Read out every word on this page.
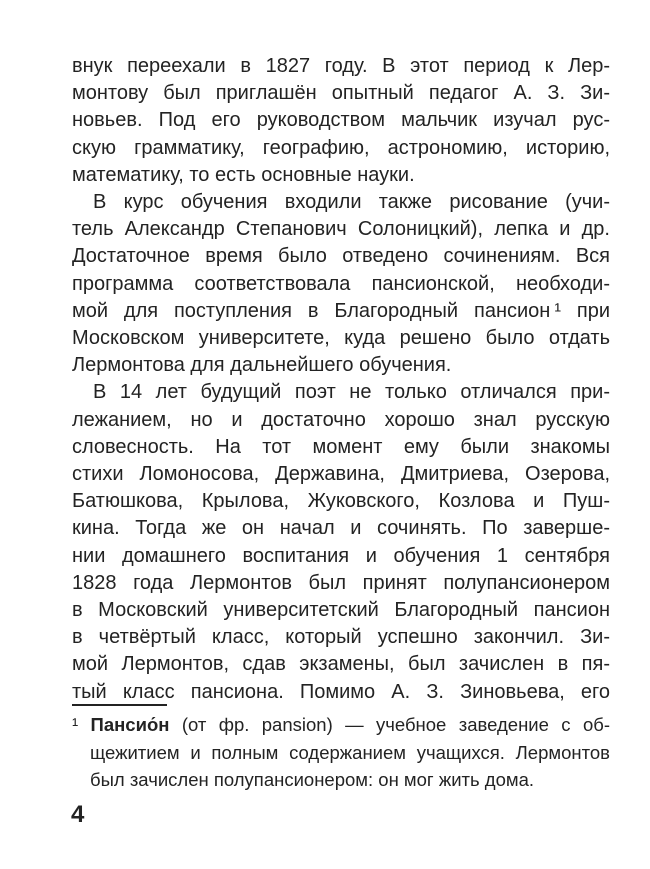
внук переехали в 1827 году. В этот период к Лер-
монтову был приглашён опытный педагог А. З. Зи-
новьев. Под его руководством мальчик изучал рус-
скую грамматику, географию, астрономию, историю,
математику, то есть основные науки.
В курс обучения входили также рисование (учи-
тель Александр Степанович Солоницкий), лепка и др.
Достаточное время было отведено сочинениям. Вся
программа соответствовала пансионской, необходи-
мой для поступления в Благородный пансион ¹ при
Московском университете, куда решено было отдать
Лермонтова для дальнейшего обучения.
В 14 лет будущий поэт не только отличался при-
лежанием, но и достаточно хорошо знал русскую
словесность. На тот момент ему были знакомы
стихи Ломоносова, Державина, Дмитриева, Озерова,
Батюшкова, Крылова, Жуковского, Козлова и Пуш-
кина. Тогда же он начал и сочинять. По заверше-
нии домашнего воспитания и обучения 1 сентября
1828 года Лермонтов был принят полупансионером
в Московский университетский Благородный пансион
в четвёртый класс, который успешно закончил. Зи-
мой Лермонтов, сдав экзамены, был зачислен в пя-
тый класс пансиона. Помимо А. З. Зиновьева, его
¹ Пансио́н (от фр. pansion) — учебное заведение с об-
щежитием и полным содержанием учащихся. Лермонтов
был зачислен полупансионером: он мог жить дома.
4
